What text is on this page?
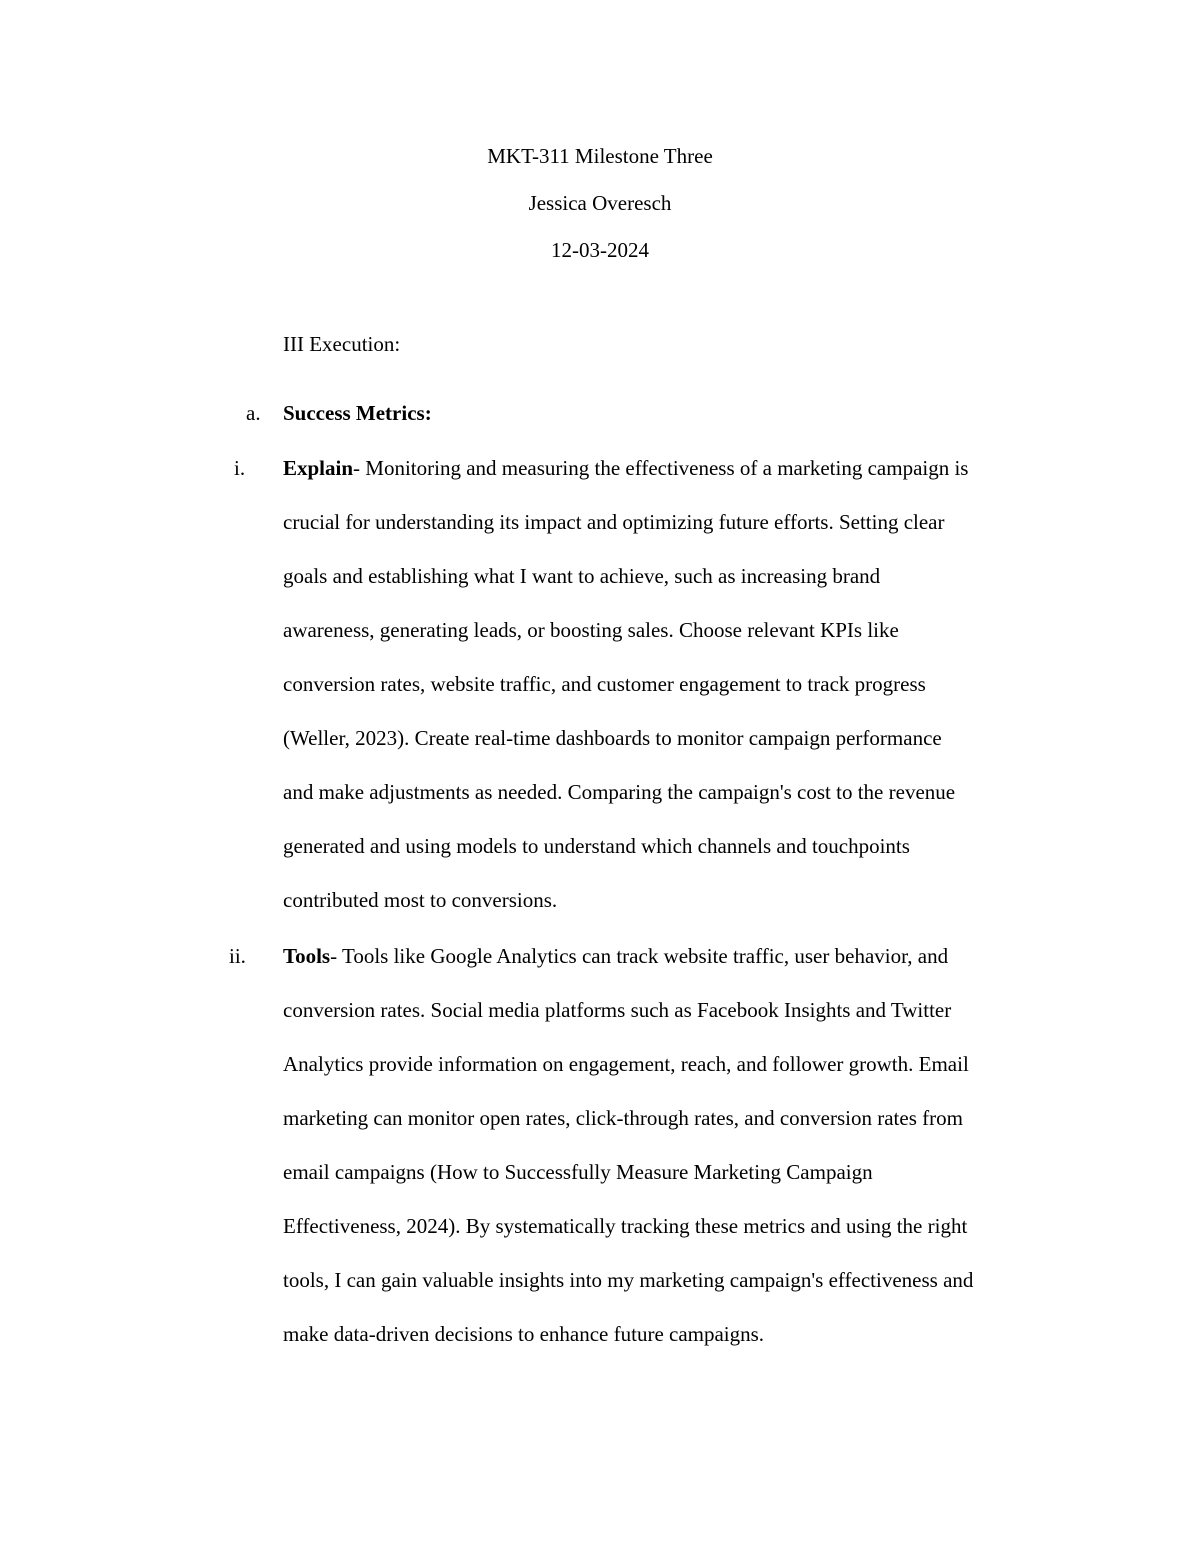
MKT-311 Milestone Three
Jessica Overesch
12-03-2024
III Execution:
a. Success Metrics:
i. Explain- Monitoring and measuring the effectiveness of a marketing campaign is
crucial for understanding its impact and optimizing future efforts. Setting clear
goals and establishing what I want to achieve, such as increasing brand
awareness, generating leads, or boosting sales. Choose relevant KPIs like
conversion rates, website traffic, and customer engagement to track progress
(Weller, 2023). Create real-time dashboards to monitor campaign performance
and make adjustments as needed. Comparing the campaign's cost to the revenue
generated and using models to understand which channels and touchpoints
contributed most to conversions.
ii. Tools- Tools like Google Analytics can track website traffic, user behavior, and
conversion rates. Social media platforms such as Facebook Insights and Twitter
Analytics provide information on engagement, reach, and follower growth. Email
marketing can monitor open rates, click-through rates, and conversion rates from
email campaigns (How to Successfully Measure Marketing Campaign
Effectiveness, 2024). By systematically tracking these metrics and using the right
tools, I can gain valuable insights into my marketing campaign's effectiveness and
make data-driven decisions to enhance future campaigns.
